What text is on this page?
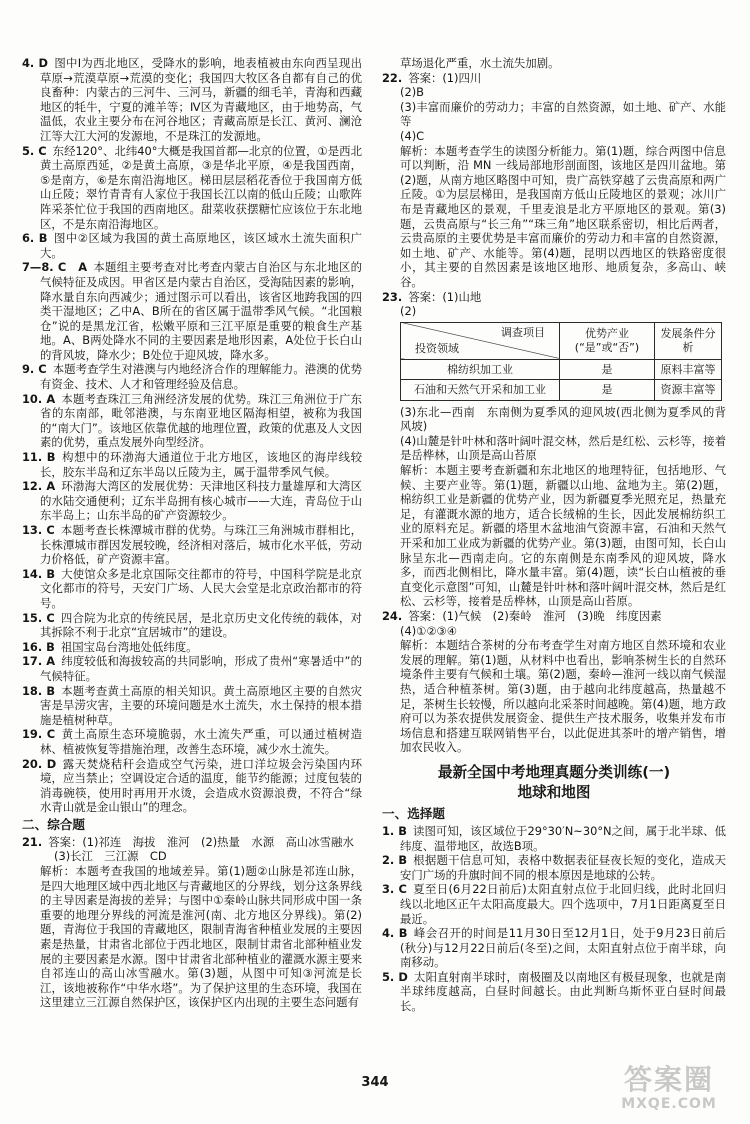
4. D 图中Ⅰ为西北地区，受降水的影响，地表植被由东向西呈现出草原→荒漠草原→荒漠的变化；我国四大牧区各自都有自己的优良畜种：内蒙古的三河牛、三河马，新疆的细毛羊，青海和西藏地区的牦牛，宁夏的滩羊等；Ⅳ区为青藏地区，由于地势高，气温低，农业主要分布在河谷地区；青藏高原是长江、黄河、澜沧江等大江大河的发源地，不是珠江的发源地。

5. C 东经120°、北纬40°大概是我国首都—北京的位置，①是西北黄土高原西延，②是黄土高原，③是华北平原，④是我国西南，⑤是南方，⑥是东南沿海地区。梯田层层稻花香位于我国南方低山丘陵；翠竹青青有人家位于我国长江以南的低山丘陵；山歌阵阵采茶忙位于我国的西南地区。甜菜收获摆糖忙应该位于东北地区，不是东南沿海地区。

6. B 图中②区域为我国的黄土高原地区，该区域水土流失面积广大。

7—8. C　A 本题组主要考查对比考查内蒙古自治区与东北地区的气候特征及成因。甲省区是内蒙古自治区，受海陆因素的影响，降水量自东向西减少；通过图示可以看出，该省区地跨我国的四类干湿地区；乙中A、B所在的省区属于温带季风气候。“北国粮仓”说的是黑龙江省，松嫩平原和三江平原是重要的粮食生产基地。A、B两处降水不同的主要因素是地形因素，A处位于长白山的背风坡，降水少；B处位于迎风坡，降水多。

9. C 本题考查学生对港澳与内地经济合作的理解能力。港澳的优势有资金、技术、人才和管理经验及信息。

10. A 本题考查珠江三角洲经济发展的优势。珠江三角洲位于广东省的东南部，毗邻港澳，与东南亚地区隔海相望，被称为我国的“南大门”。该地区依靠优越的地理位置，政策的优惠及人文因素的优势，重点发展外向型经济。

11. B 构想中的环渤海大通道位于北方地区，该地区的海岸线较长，胶东半岛和辽东半岛以丘陵为主，属于温带季风气候。

12. A 环渤海大湾区的发展优势：天津地区科技力量雄厚和大湾区的水陆交通便利；辽东半岛拥有核心城市——大连，青岛位于山东半岛上；山东半岛的矿产资源较少。

13. C 本题考查长株潭城市群的优势。与珠江三角洲城市群相比，长株潭城市群因发展较晚，经济相对落后，城市化水平低，劳动力价格低，矿产资源丰富。

14. B 大使馆众多是北京国际交往都市的符号，中国科学院是北京文化都市的符号，天安门广场、人民大会堂是北京政治都市的符号。

15. C 四合院为北京的传统民居，是北京历史文化传统的载体，对其拆除不利于北京“宜居城市”的建设。

16. B 祖国宝岛台湾地处低纬度。

17. A 纬度较低和海拔较高的共同影响，形成了贵州“寒暑适中”的气候特征。

18. B 本题考查黄土高原的相关知识。黄土高原地区主要的自然灾害是旱涝灾害，主要的环境问题是水土流失，水土保持的根本措施是植树种草。

19. C 黄土高原生态环境脆弱，水土流失严重，可以通过植树造林、植被恢复等措施治理，改善生态环境，减少水土流失。

20. D 露天焚烧秸秆会造成空气污染，进口洋垃圾会污染国内环境，应当禁止；空调设定合适的温度，能节约能源；过度包装的消毒碗筷，使用时再用开水烫，会造成水资源浪费，不符合“绿水青山就是金山银山”的理念。

二、综合题

21. 答案：(1)祁连　海拔　淮河　(2)热量　水源　高山冰雪融水

(3)长江　三江源　CD

解析：本题考查我国的地域差异。第(1)题②山脉是祁连山脉，是四大地理区域中西北地区与青藏地区的分界线，划分这条界线的主导因素是海拔的差异；与图中①秦岭山脉共同形成中国一条重要的地理分界线的河流是淮河(南、北方地区分界线)。第(2)题，青海位于我国的青藏地区，限制青海省种植业发展的主要因素是热量，甘肃省北部位于西北地区，限制甘肃省北部种植业发展的主要因素是水源。图中甘肃省北部种植业的灌溉水源主要来自祁连山的高山冰雪融水。第(3)题，从图中可知③河流是长江，该地被称作“中华水塔”。为了保护这里的生态环境，我国在这里建立三江源自然保护区，该保护区内出现的主要生态问题有

草场退化严重，水土流失加剧。

22. 答案：(1)四川

(2)B

(3)丰富而廉价的劳动力；丰富的自然资源，如土地、矿产、水能等

(4)C

解析：本题考查学生的读图分析能力。第(1)题，综合两图中信息可以判断，沿 MN 一线局部地形剖面图，该地区是四川盆地。第(2)题，从南方地区略图中可知，贵广高铁穿越了云贵高原和两广丘陵。①为层层梯田，是我国南方低山丘陵地区的景观；冰川广布是青藏地区的景观，千里麦浪是北方平原地区的景观。第(3)题，云贵高原与“长三角”“珠三角”地区联系密切，相比后两者，云贵高原的主要优势是丰富而廉价的劳动力和丰富的自然资源，如土地、矿产、水能等。第(4)题，昆明以西地区的铁路密度很小，其主要的自然因素是该地区地形、地质复杂，多高山、峡谷。

23. 答案：(1)山地

(2)

调查项目
投资领域	优势产业(“是”或“否”)	发展条件分析
棉纺织加工业	是	原料丰富等
石油和天然气开采和加工业	是	资源丰富等

(3)东北—西南　东南侧为夏季风的迎风坡(西北侧为夏季风的背风坡)

(4)山麓是针叶林和落叶阔叶混交林，然后是红松、云杉等，接着是岳桦林，山顶是高山苔原

解析：本题主要考查新疆和东北地区的地理特征，包括地形、气候、主要产业等。第(1)题，新疆以山地、盆地为主。第(2)题，棉纺织工业是新疆的优势产业，因为新疆夏季光照充足，热量充足，有灌溉水源的地方，适合长绒棉的生长，因此发展棉纺织工业的原料充足。新疆的塔里木盆地油气资源丰富，石油和天然气开采和加工业成为新疆的优势产业。第(3)题，由图可知，长白山脉呈东北—西南走向。它的东南侧是东南季风的迎风坡，降水多，而西北侧相比，降水量丰富。第(4)题，读“长白山植被的垂直变化示意图”可知，山麓是针叶林和落叶阔叶混交林，然后是红松、云杉等，接着是岳桦林，山顶是高山苔原。

24. 答案：(1)气候　(2)秦岭　淮河　(3)晚　纬度因素

(4)①②③④

解析：本题结合茶树的分布考查学生对南方地区自然环境和农业发展的理解。第(1)题，从材料中也看出，影响茶树生长的自然环境条件主要有气候和土壤。第(2)题，秦岭—淮河一线以南气候湿热，适合种植茶树。第(3)题，由于越向北纬度越高，热量越不足，茶树生长较慢，所以越向北采茶时间越晚。第(4)题，地方政府可以为茶农提供发展资金、提供生产技术服务，收集并发布市场信息和搭建互联网销售平台，以此促进其茶叶的增产销售，增加农民收入。

最新全国中考地理真题分类训练(一)

地球和地图

一、选择题

1. B 读图可知，该区域位于29°30′N~30°N之间，属于北半球、低纬度、温带地区，故选B项。

2. B 根据题干信息可知，表格中数据表征昼夜长短的变化，造成天安门广场的升旗时间不同的根本原因是地球的公转。

3. C 夏至日(6月22日前后)太阳直射点位于北回归线，此时北回归线以北地区正午太阳高度最大。四个选项中，7月1日距离夏至日最近。

4. B 峰会召开的时间是11月30日至12月1日，处于9月23日前后(秋分)与12月22日前后(冬至)之间，太阳直射点位于南半球，向南移动。

5. D 太阳直射南半球时，南极圈及以南地区有极昼现象，也就是南半球纬度越高，白昼时间越长。由此判断乌斯怀亚白昼时间最长。

344	答案圈
MXQE.COM
